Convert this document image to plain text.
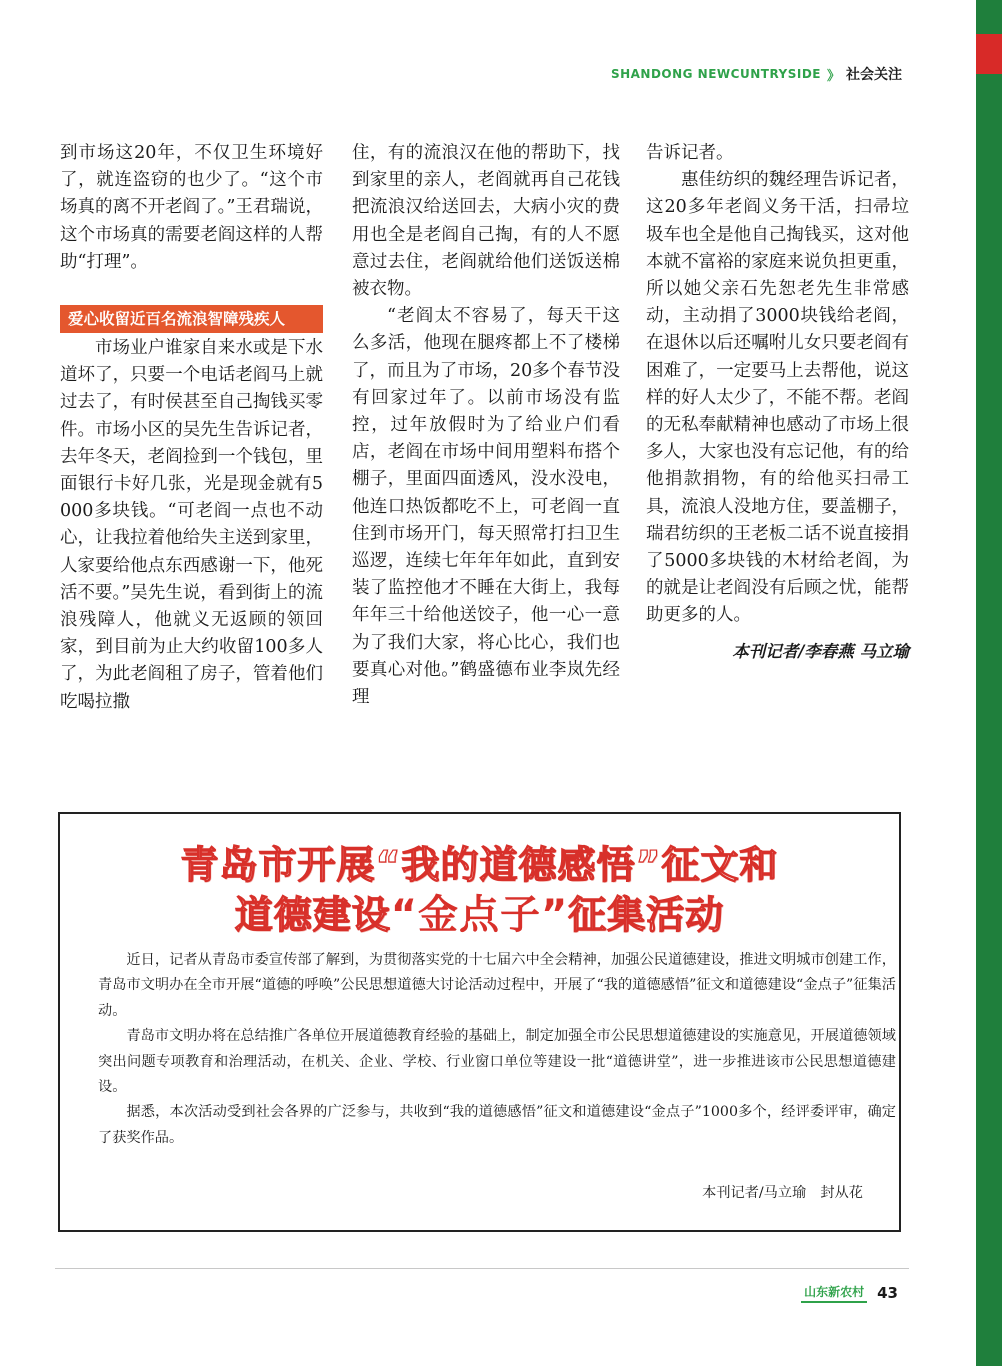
SHANDONG NEWCUNTRYSIDE 》 社会关注

到市场这20年，不仅卫生环境好了，就连盗窃的也少了。“这个市场真的离不开老阎了。”王君瑞说，这个市场真的需要老阎这样的人帮助“打理”。

爱心收留近百名流浪智障残疾人

市场业户谁家自来水或是下水道坏了，只要一个电话老阎马上就过去了，有时侯甚至自己掏钱买零件。市场小区的吴先生告诉记者，去年冬天，老阎捡到一个钱包，里面银行卡好几张，光是现金就有5000多块钱。“可老阎一点也不动心，让我拉着他给失主送到家里，人家要给他点东西感谢一下，他死活不要。”吴先生说，看到街上的流浪残障人，他就义无返顾的领回家，到目前为止大约收留100多人了，为此老阎租了房子，管着他们吃喝拉撒

住，有的流浪汉在他的帮助下，找到家里的亲人，老阎就再自己花钱把流浪汉给送回去，大病小灾的费用也全是老阎自己掏，有的人不愿意过去住，老阎就给他们送饭送棉被衣物。

“老阎太不容易了，每天干这么多活，他现在腿疼都上不了楼梯了，而且为了市场，20多个春节没有回家过年了。以前市场没有监控，过年放假时为了给业户们看店，老阎在市场中间用塑料布搭个棚子，里面四面透风，没水没电，他连口热饭都吃不上，可老阎一直住到市场开门，每天照常打扫卫生巡逻，连续七年年年如此，直到安装了监控他才不睡在大街上，我每年年三十给他送饺子，他一心一意为了我们大家，将心比心，我们也要真心对他。”鹤盛德布业李岚先经理

告诉记者。

惠佳纺织的魏经理告诉记者，这20多年老阎义务干活，扫帚垃圾车也全是他自己掏钱买，这对他本就不富裕的家庭来说负担更重，所以她父亲石先恕老先生非常感动，主动捐了3000块钱给老阎，在退休以后还嘱咐儿女只要老阎有困难了，一定要马上去帮他，说这样的好人太少了，不能不帮。老阎的无私奉献精神也感动了市场上很多人，大家也没有忘记他，有的给他捐款捐物，有的给他买扫帚工具，流浪人没地方住，要盖棚子，瑞君纺织的王老板二话不说直接捐了5000多块钱的木材给老阎，为的就是让老阎没有后顾之忧，能帮助更多的人。

本刊记者/李春燕 马立瑜
青岛市开展“我的道德感悟”征文和
道德建设“金点子”征集活动

近日，记者从青岛市委宣传部了解到，为贯彻落实党的十七届六中全会精神，加强公民道德建设，推进文明城市创建工作，青岛市文明办在全市开展“道德的呼唤”公民思想道德大讨论活动过程中，开展了“我的道德感悟”征文和道德建设“金点子”征集活动。

青岛市文明办将在总结推广各单位开展道德教育经验的基础上，制定加强全市公民思想道德建设的实施意见，开展道德领域突出问题专项教育和治理活动，在机关、企业、学校、行业窗口单位等建设一批“道德讲堂”，进一步推进该市公民思想道德建设。

据悉，本次活动受到社会各界的广泛参与，共收到“我的道德感悟”征文和道德建设“金点子”1000多个，经评委评审，确定了获奖作品。

本刊记者/马立瑜　封从花
山东新农村 43
